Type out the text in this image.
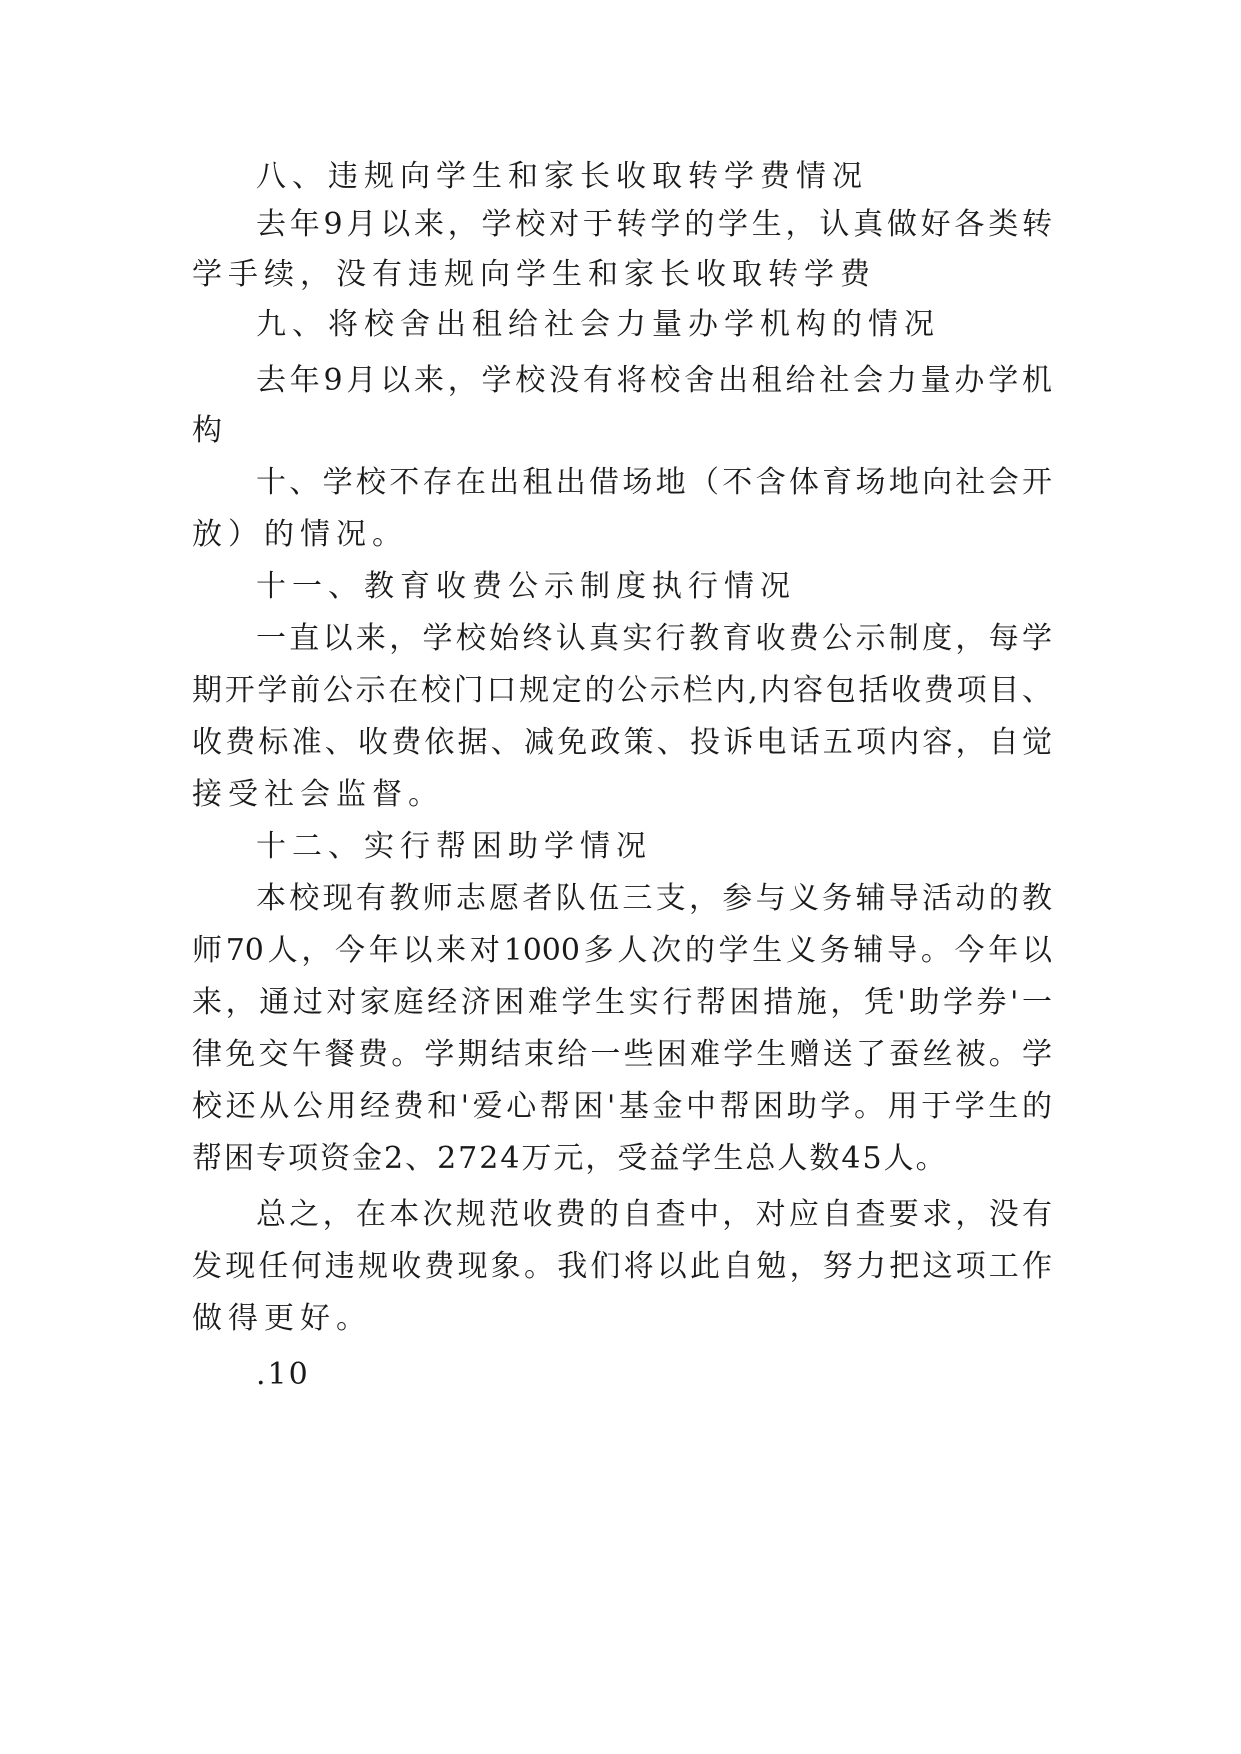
八、违规向学生和家长收取转学费情况
去年9月以来，学校对于转学的学生，认真做好各类转
学手续，没有违规向学生和家长收取转学费
九、将校舍出租给社会力量办学机构的情况
去年9月以来，学校没有将校舍出租给社会力量办学机
构
十、学校不存在出租出借场地（不含体育场地向社会开
放）的情况。
十一、教育收费公示制度执行情况
一直以来，学校始终认真实行教育收费公示制度，每学
期开学前公示在校门口规定的公示栏内,内容包括收费项目、
收费标准、收费依据、减免政策、投诉电话五项内容，自觉
接受社会监督。
十二、实行帮困助学情况
本校现有教师志愿者队伍三支，参与义务辅导活动的教
师70人，今年以来对1000多人次的学生义务辅导。今年以
来，通过对家庭经济困难学生实行帮困措施，凭'助学券'一
律免交午餐费。学期结束给一些困难学生赠送了蚕丝被。学
校还从公用经费和'爱心帮困'基金中帮困助学。用于学生的
帮困专项资金2、2724万元，受益学生总人数45人。
总之，在本次规范收费的自查中，对应自查要求，没有
发现任何违规收费现象。我们将以此自勉，努力把这项工作
做得更好。
.10
